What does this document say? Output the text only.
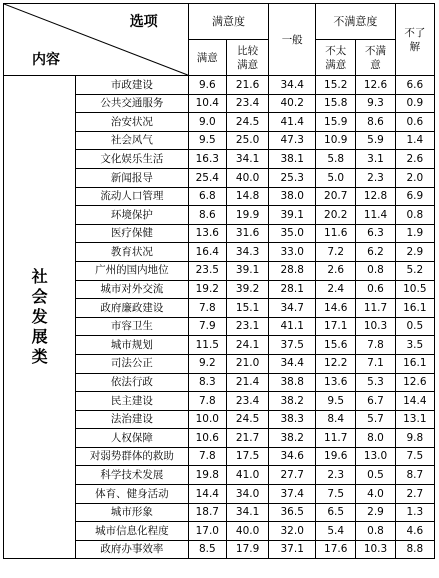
选项
内容		满意度		一般	不满意度		不了解
		满意	比较满意		不太满意	不满意	
社会发展类	市政建设	9.6	21.6	34.4	15.2	12.6	6.6
	公共交通服务	10.4	23.4	40.2	15.8	9.3	0.9
	治安状况	9.0	24.5	41.4	15.9	8.6	0.6
	社会风气	9.5	25.0	47.3	10.9	5.9	1.4
	文化娱乐生活	16.3	34.1	38.1	5.8	3.1	2.6
	新闻报导	25.4	40.0	25.3	5.0	2.3	2.0
	流动人口管理	6.8	14.8	38.0	20.7	12.8	6.9
	环境保护	8.6	19.9	39.1	20.2	11.4	0.8
	医疗保健	13.6	31.6	35.0	11.6	6.3	1.9
	教育状况	16.4	34.3	33.0	7.2	6.2	2.9
	广州的国内地位	23.5	39.1	28.8	2.6	0.8	5.2
	城市对外交流	19.2	39.2	28.1	2.4	0.6	10.5
	政府廉政建设	7.8	15.1	34.7	14.6	11.7	16.1
	市容卫生	7.9	23.1	41.1	17.1	10.3	0.5
	城市规划	11.5	24.1	37.5	15.6	7.8	3.5
	司法公正	9.2	21.0	34.4	12.2	7.1	16.1
	依法行政	8.3	21.4	38.8	13.6	5.3	12.6
	民主建设	7.8	23.4	38.2	9.5	6.7	14.4
	法治建设	10.0	24.5	38.3	8.4	5.7	13.1
	人权保障	10.6	21.7	38.2	11.7	8.0	9.8
	对弱势群体的救助	7.8	17.5	34.6	19.6	13.0	7.5
	科学技术发展	19.8	41.0	27.7	2.3	0.5	8.7
	体育、健身活动	14.4	34.0	37.4	7.5	4.0	2.7
	城市形象	18.7	34.1	36.5	6.5	2.9	1.3
	城市信息化程度	17.0	40.0	32.0	5.4	0.8	4.6
	政府办事效率	8.5	17.9	37.1	17.6	10.3	8.8
